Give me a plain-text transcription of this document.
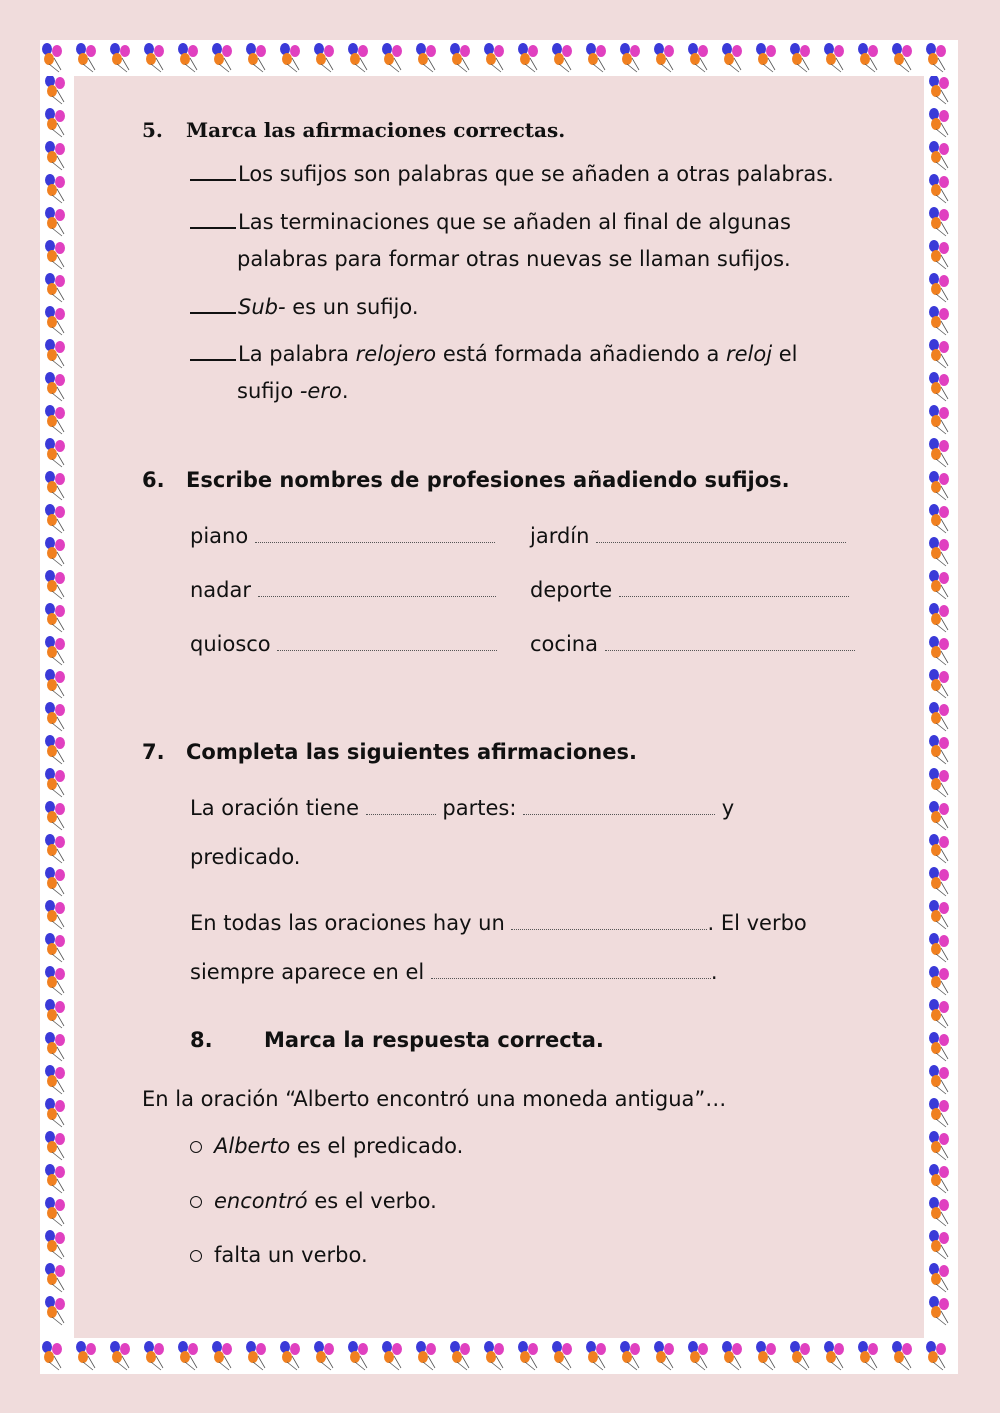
5. Marca las afirmaciones correctas.
Los sufijos son palabras que se añaden a otras palabras.
Las terminaciones que se añaden al final de algunas
palabras para formar otras nuevas se llaman sufijos.
Sub- es un sufijo.
La palabra relojero está formada añadiendo a reloj el
sufijo -ero.
6. Escribe nombres de profesiones añadiendo sufijos.
piano	jardín
nadar	deporte
quiosco	cocina
7. Completa las siguientes afirmaciones.
La oración tiene	partes:	y
predicado.
En todas las oraciones hay un	. El verbo
siempre aparece en el	.
8. Marca la respuesta correcta.
En la oración “Alberto encontró una moneda antigua”…
Alberto es el predicado.
encontró es el verbo.
falta un verbo.
